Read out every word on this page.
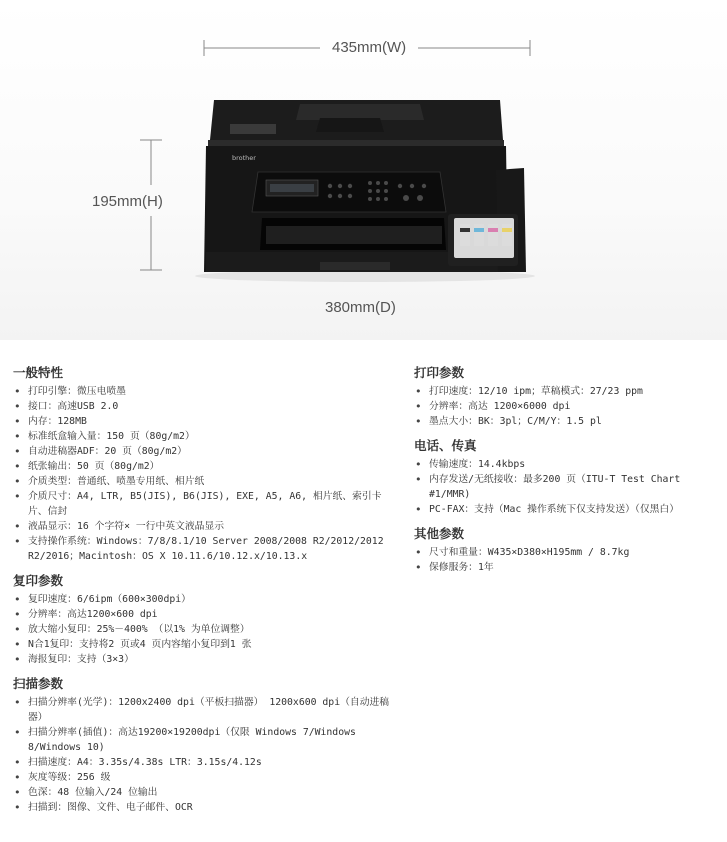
435mm(W)
195mm(H)
380mm(D)
brother
一般特性
• 打印引擎：微压电喷墨
• 接口：高速USB 2.0
• 内存：128MB
• 标准纸盒输入量：150 页（80g/m2）
• 自动进稿器ADF：20 页（80g/m2）
• 纸张输出：50 页（80g/m2）
• 介质类型：普通纸、喷墨专用纸、相片纸
• 介质尺寸：A4, LTR, B5(JIS), B6(JIS), EXE, A5, A6, 相片纸、索引卡片、信封
• 液晶显示：16 个字符× 一行中英文液晶显示
• 支持操作系统：Windows：7/8/8.1/10 Server 2008/2008 R2/2012/2012 R2/2016；Macintosh：OS X 10.11.6/10.12.x/10.13.x
复印参数
• 复印速度：6/6ipm（600×300dpi）
• 分辨率：高达1200×600 dpi
• 放大缩小复印：25%－400% （以1% 为单位调整）
• N合1复印：支持将2 页或4 页内容缩小复印到1 张
• 海报复印：支持（3×3）
扫描参数
• 扫描分辨率(光学)：1200x2400 dpi（平板扫描器） 1200x600 dpi（自动进稿器）
• 扫描分辨率(插值)：高达19200×19200dpi（仅限 Windows 7/Windows 8/Windows 10)
• 扫描速度：A4：3.35s/4.38s LTR：3.15s/4.12s
• 灰度等级：256 级
• 色深：48 位输入/24 位输出
• 扫描到：图像、文件、电子邮件、OCR
打印参数
• 打印速度：12/10 ipm；草稿模式：27/23 ppm
• 分辨率：高达 1200×6000 dpi
• 墨点大小：BK：3pl；C/M/Y：1.5 pl
电话、传真
• 传输速度：14.4kbps
• 内存发送/无纸接收：最多200 页（ITU-T Test Chart #1/MMR)
• PC-FAX：支持（Mac 操作系统下仅支持发送）（仅黑白）
其他参数
• 尺寸和重量：W435×D380×H195mm / 8.7kg
• 保修服务：1年
